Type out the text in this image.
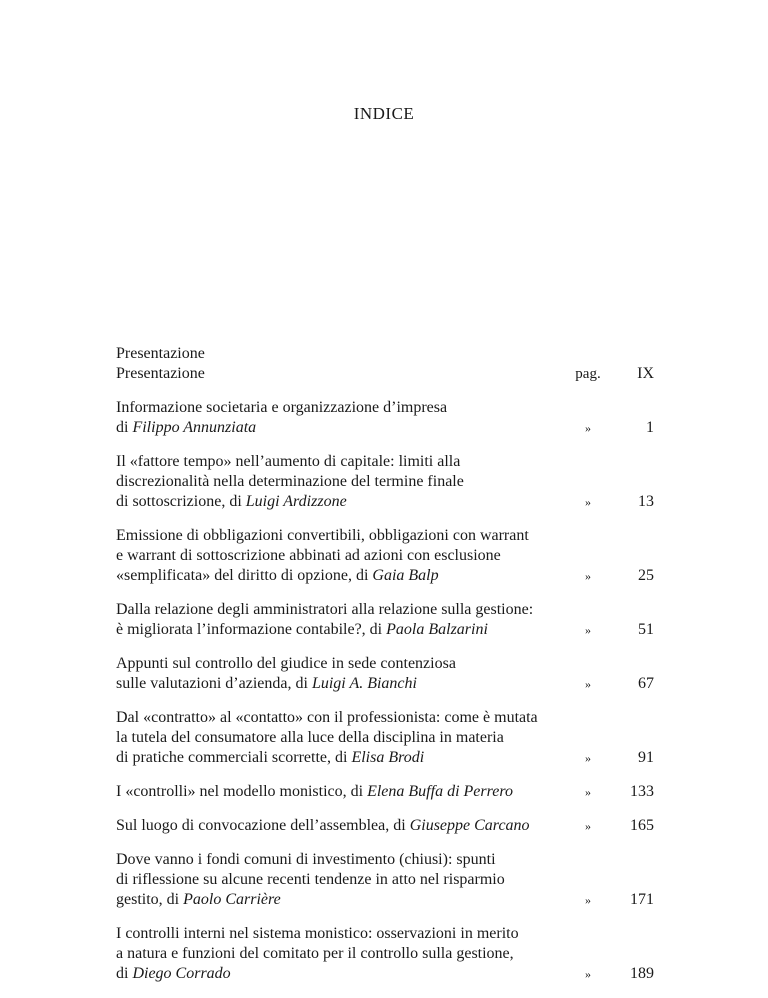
INDICE
Presentazione
Presentazione	pag.	IX
Informazione societaria e organizzazione d’impresa
di Filippo Annunziata	»	1
Il «fattore tempo» nell’aumento di capitale: limiti alla
discrezionalità nella determinazione del termine finale
di sottoscrizione, di Luigi Ardizzone	»	13
Emissione di obbligazioni convertibili, obbligazioni con warrant
e warrant di sottoscrizione abbinati ad azioni con esclusione
«semplificata» del diritto di opzione, di Gaia Balp	»	25
Dalla relazione degli amministratori alla relazione sulla gestione:
è migliorata l’informazione contabile?, di Paola Balzarini	»	51
Appunti sul controllo del giudice in sede contenziosa
sulle valutazioni d’azienda, di Luigi A. Bianchi	»	67
Dal «contratto» al «contatto» con il professionista: come è mutata
la tutela del consumatore alla luce della disciplina in materia
di pratiche commerciali scorrette, di Elisa Brodi	»	91
I «controlli» nel modello monistico, di Elena Buffa di Perrero	»	133
Sul luogo di convocazione dell’assemblea, di Giuseppe Carcano	»	165
Dove vanno i fondi comuni di investimento (chiusi): spunti
di riflessione su alcune recenti tendenze in atto nel risparmio
gestito, di Paolo Carrière	»	171
I controlli interni nel sistema monistico: osservazioni in merito
a natura e funzioni del comitato per il controllo sulla gestione,
di Diego Corrado	»	189
